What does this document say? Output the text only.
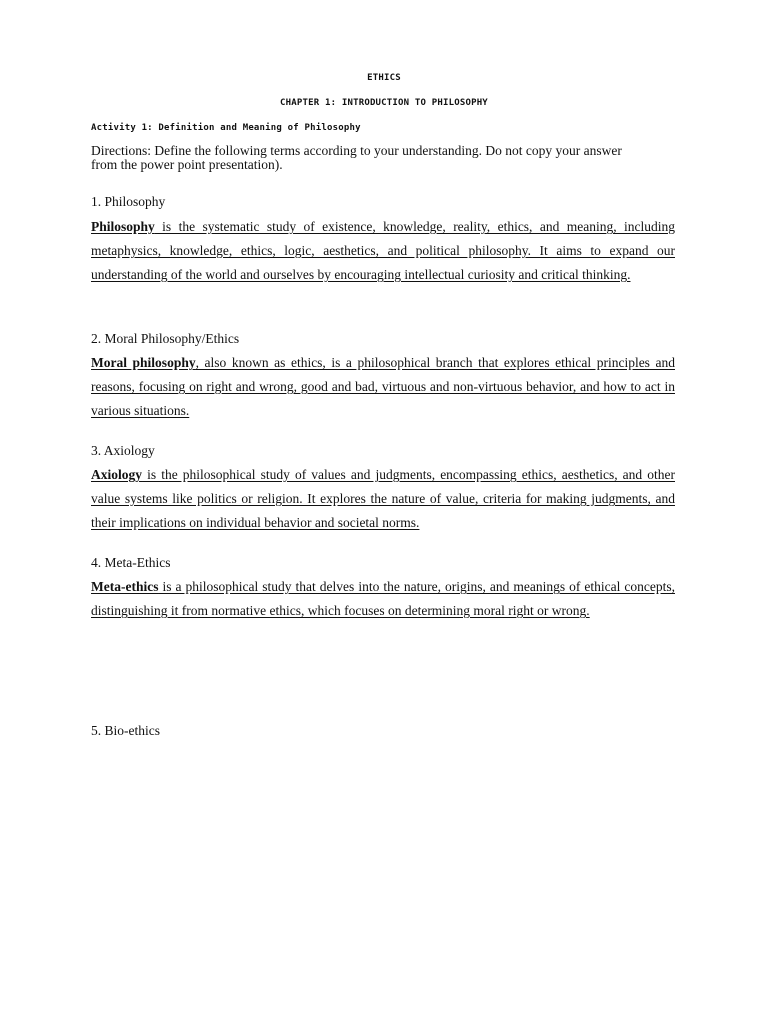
ETHICS
CHAPTER 1: INTRODUCTION TO PHILOSOPHY
Activity 1: Definition and Meaning of Philosophy
Directions: Define the following terms according to your understanding. Do not copy your answer from the power point presentation).
1. Philosophy
Philosophy is the systematic study of existence, knowledge, reality, ethics, and meaning, including metaphysics, knowledge, ethics, logic, aesthetics, and political philosophy. It aims to expand our understanding of the world and ourselves by encouraging intellectual curiosity and critical thinking.
2. Moral Philosophy/Ethics
Moral philosophy, also known as ethics, is a philosophical branch that explores ethical principles and reasons, focusing on right and wrong, good and bad, virtuous and non-virtuous behavior, and how to act in various situations.
3. Axiology
Axiology is the philosophical study of values and judgments, encompassing ethics, aesthetics, and other value systems like politics or religion. It explores the nature of value, criteria for making judgments, and their implications on individual behavior and societal norms.
4. Meta-Ethics
Meta-ethics is a philosophical study that delves into the nature, origins, and meanings of ethical concepts, distinguishing it from normative ethics, which focuses on determining moral right or wrong.
5. Bio-ethics
